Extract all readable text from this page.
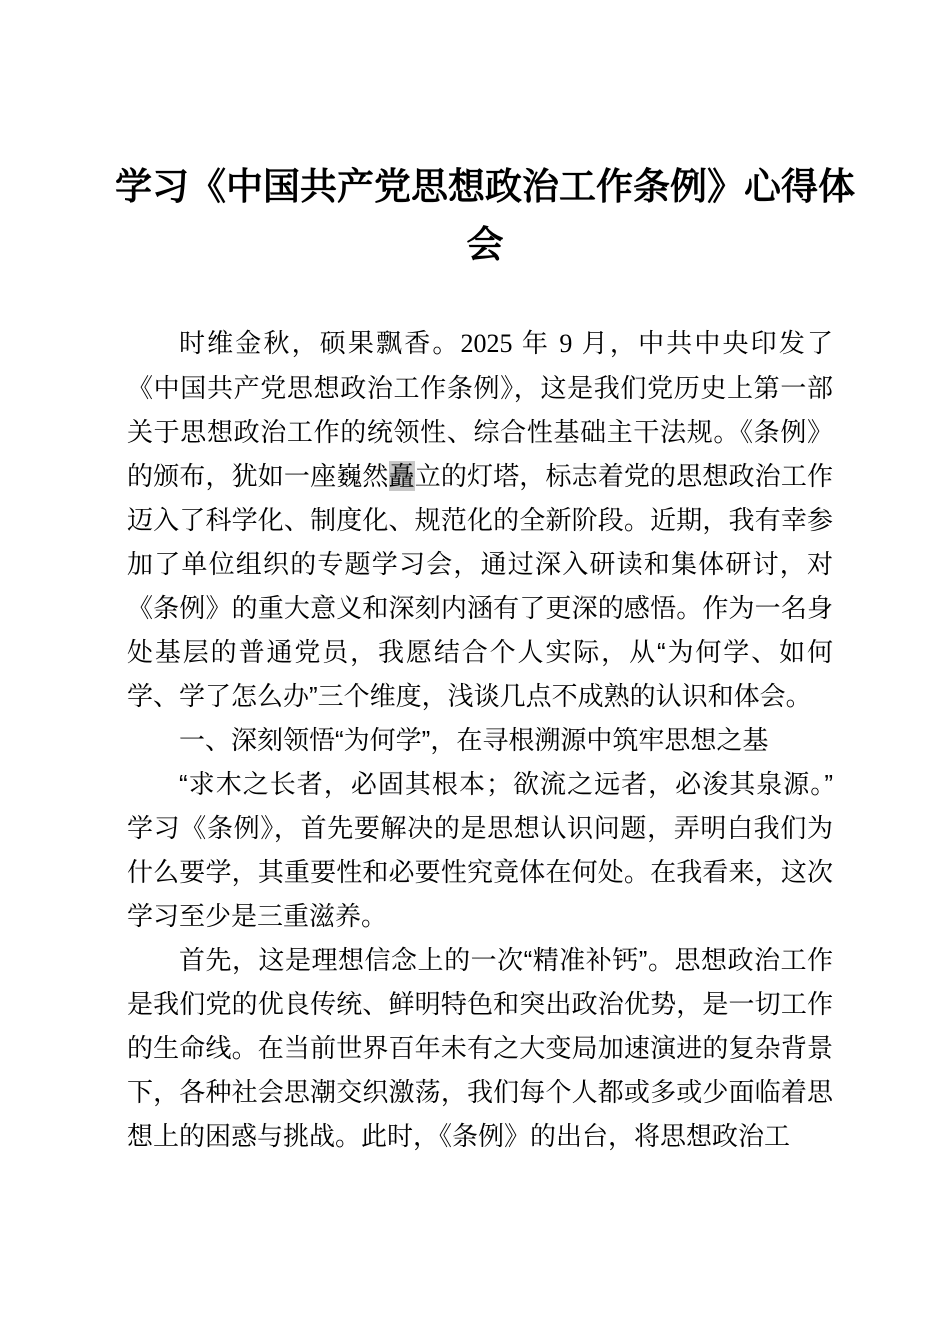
学习《中国共产党思想政治工作条例》心得体会

时维金秋，硕果飘香。2025 年 9 月，中共中央印发了《中国共产党思想政治工作条例》，这是我们党历史上第一部关于思想政治工作的统领性、综合性基础主干法规。《条例》的颁布，犹如一座巍然矗立的灯塔，标志着党的思想政治工作迈入了科学化、制度化、规范化的全新阶段。近期，我有幸参加了单位组织的专题学习会，通过深入研读和集体研讨，对《条例》的重大意义和深刻内涵有了更深的感悟。作为一名身处基层的普通党员，我愿结合个人实际，从“为何学、如何学、学了怎么办”三个维度，浅谈几点不成熟的认识和体会。

一、深刻领悟“为何学”，在寻根溯源中筑牢思想之基

“求木之长者，必固其根本；欲流之远者，必浚其泉源。”学习《条例》，首先要解决的是思想认识问题，弄明白我们为什么要学，其重要性和必要性究竟体在何处。在我看来，这次学习至少是三重滋养。

首先，这是理想信念上的一次“精准补钙”。思想政治工作是我们党的优良传统、鲜明特色和突出政治优势，是一切工作的生命线。在当前世界百年未有之大变局加速演进的复杂背景下，各种社会思潮交织激荡，我们每个人都或多或少面临着思想上的困惑与挑战。此时，《条例》的出台，将思想政治工
